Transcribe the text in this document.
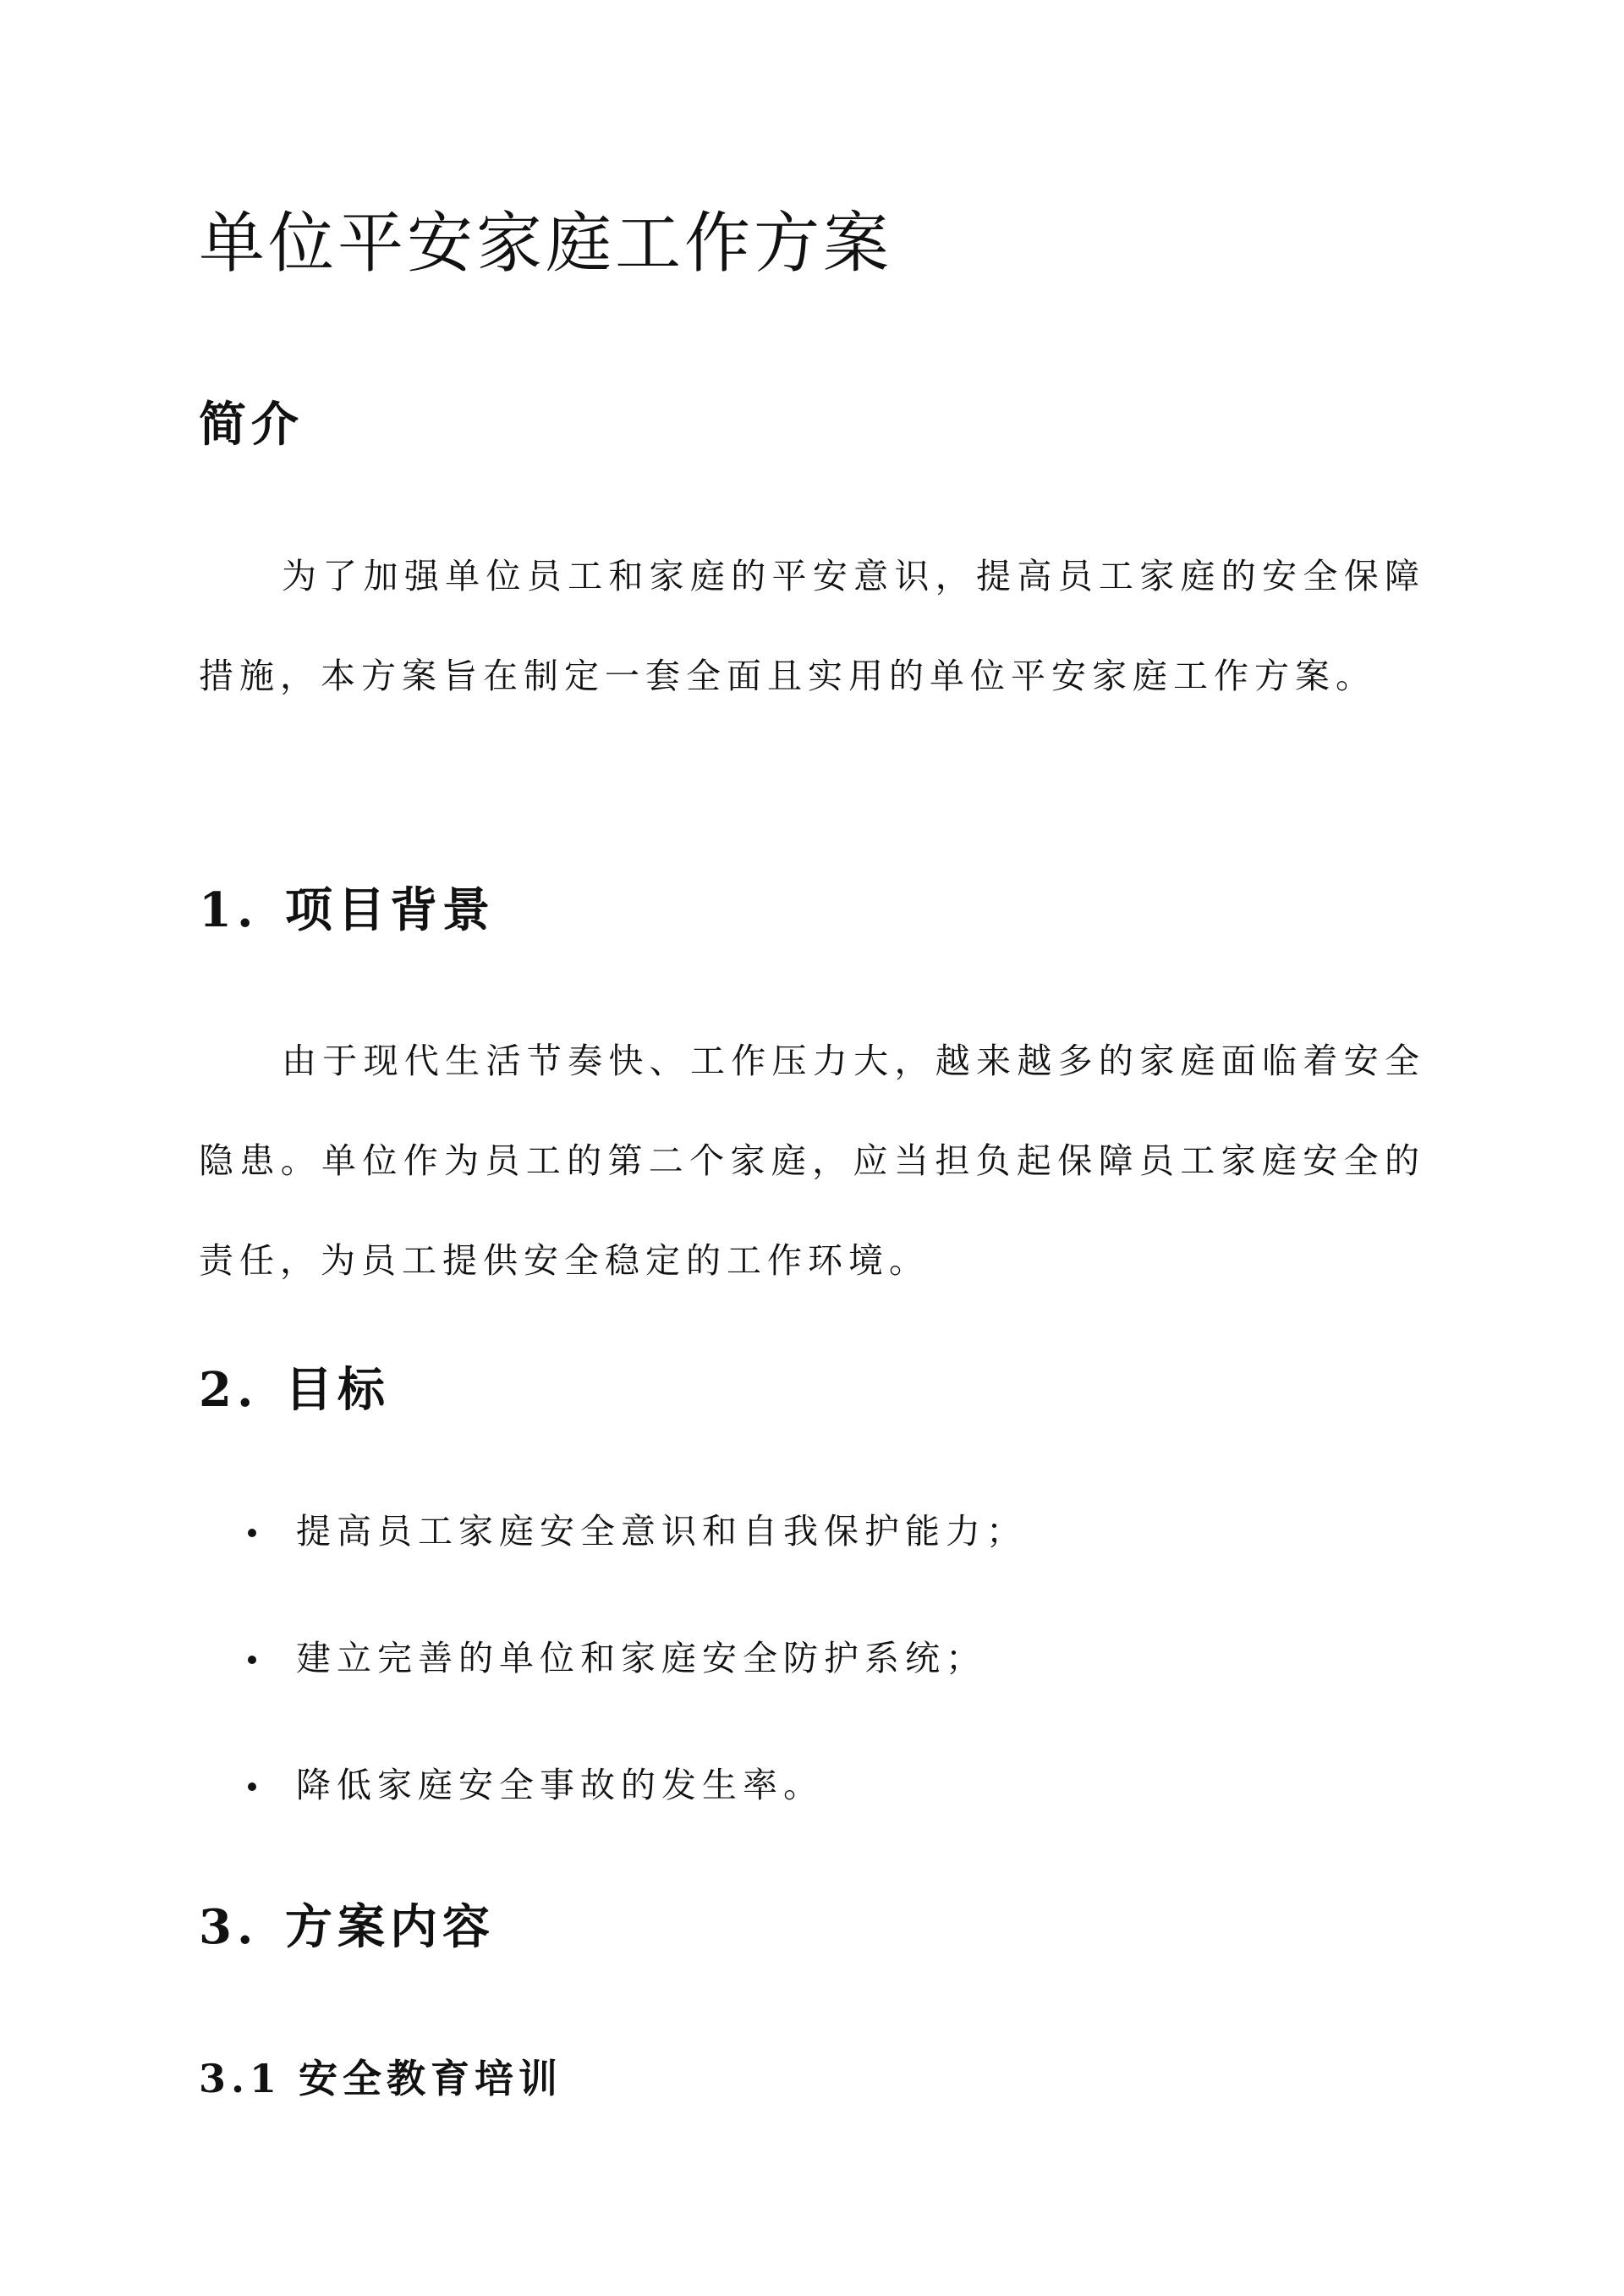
单位平安家庭工作方案
简介

为了加强单位员工和家庭的平安意识，提高员工家庭的安全保障措施，本方案旨在制定一套全面且实用的单位平安家庭工作方案。

1. 项目背景

由于现代生活节奏快、工作压力大，越来越多的家庭面临着安全隐患。单位作为员工的第二个家庭，应当担负起保障员工家庭安全的责任，为员工提供安全稳定的工作环境。

2. 目标
提高员工家庭安全意识和自我保护能力；
建立完善的单位和家庭安全防护系统；
降低家庭安全事故的发生率。
3. 方案内容
3.1 安全教育培训
